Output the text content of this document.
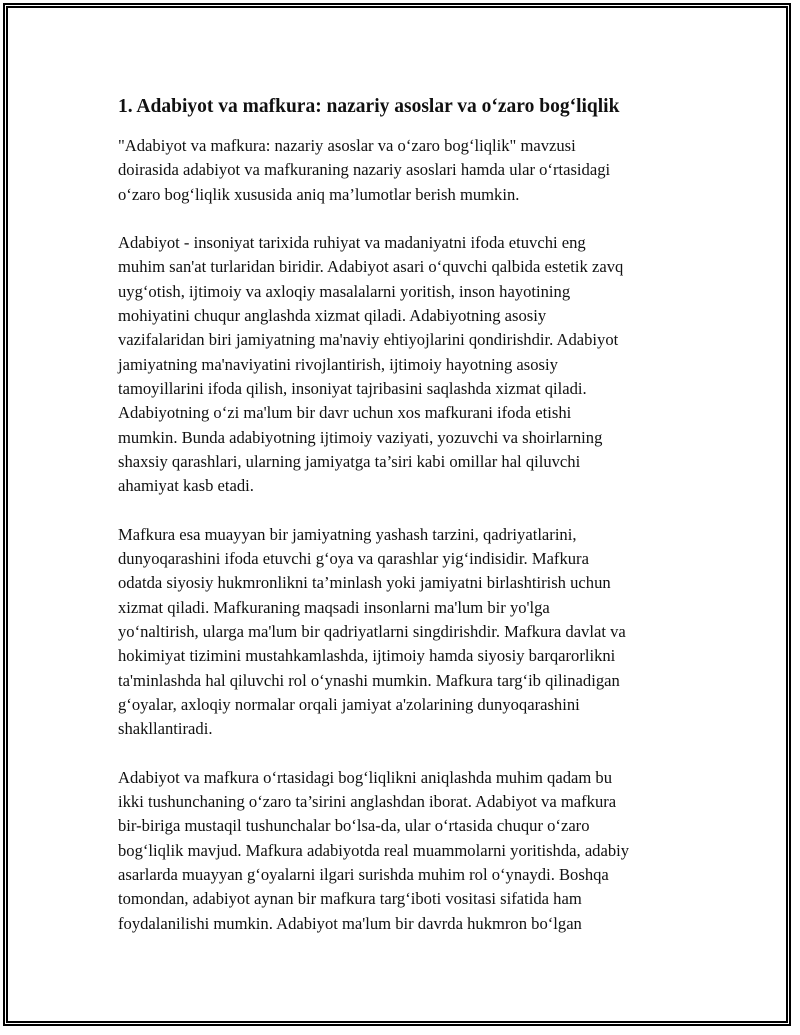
1. Adabiyot va mafkura: nazariy asoslar va o‘zaro bog‘liqlik
"Adabiyot va mafkura: nazariy asoslar va o‘zaro bog‘liqlik" mavzusi
doirasida adabiyot va mafkuraning nazariy asoslari hamda ular o‘rtasidagi
o‘zaro bog‘liqlik xususida aniq ma’lumotlar berish mumkin.
Adabiyot - insoniyat tarixida ruhiyat va madaniyatni ifoda etuvchi eng
muhim san'at turlaridan biridir. Adabiyot asari o‘quvchi qalbida estetik zavq
uyg‘otish, ijtimoiy va axloqiy masalalarni yoritish, inson hayotining
mohiyatini chuqur anglashda xizmat qiladi. Adabiyotning asosiy
vazifalaridan biri jamiyatning ma'naviy ehtiyojlarini qondirishdir. Adabiyot
jamiyatning ma'naviyatini rivojlantirish, ijtimoiy hayotning asosiy
tamoyillarini ifoda qilish, insoniyat tajribasini saqlashda xizmat qiladi.
Adabiyotning o‘zi ma'lum bir davr uchun xos mafkurani ifoda etishi
mumkin. Bunda adabiyotning ijtimoiy vaziyati, yozuvchi va shoirlarning
shaxsiy qarashlari, ularning jamiyatga ta’siri kabi omillar hal qiluvchi
ahamiyat kasb etadi.
Mafkura esa muayyan bir jamiyatning yashash tarzini, qadriyatlarini,
dunyoqarashini ifoda etuvchi g‘oya va qarashlar yig‘indisidir. Mafkura
odatda siyosiy hukmronlikni ta’minlash yoki jamiyatni birlashtirish uchun
xizmat qiladi. Mafkuraning maqsadi insonlarni ma'lum bir yo'lga
yo‘naltirish, ularga ma'lum bir qadriyatlarni singdirishdir. Mafkura davlat va
hokimiyat tizimini mustahkamlashda, ijtimoiy hamda siyosiy barqarorlikni
ta'minlashda hal qiluvchi rol o‘ynashi mumkin. Mafkura targ‘ib qilinadigan
g‘oyalar, axloqiy normalar orqali jamiyat a'zolarining dunyoqarashini
shakllantiradi.
Adabiyot va mafkura o‘rtasidagi bog‘liqlikni aniqlashda muhim qadam bu
ikki tushunchaning o‘zaro ta’sirini anglashdan iborat. Adabiyot va mafkura
bir-biriga mustaqil tushunchalar bo‘lsa-da, ular o‘rtasida chuqur o‘zaro
bog‘liqlik mavjud. Mafkura adabiyotda real muammolarni yoritishda, adabiy
asarlarda muayyan g‘oyalarni ilgari surishda muhim rol o‘ynaydi. Boshqa
tomondan, adabiyot aynan bir mafkura targ‘iboti vositasi sifatida ham
foydalanilishi mumkin. Adabiyot ma'lum bir davrda hukmron bo‘lgan
